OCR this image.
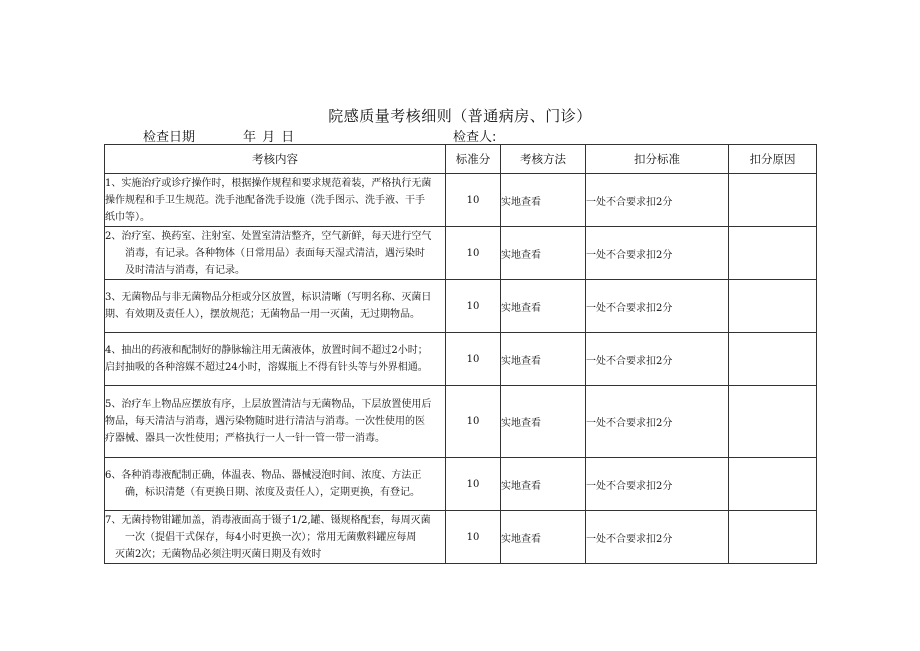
院感质量考核细则（普通病房、门诊）
检查日期	年 月 日	检查人:
考核内容	标准分	考核方法	扣分标准	扣分原因

1、实施治疗或诊疗操作时，根据操作规程和要求规范着装，严格执行无菌
操作规程和手卫生规范。洗手池配备洗手设施（洗手图示、洗手液、干手
纸巾等）。	10	实地查看	一处不合要求扣2分	

2、治疗室、换药室、注射室、处置室清洁整齐，空气新鲜，每天进行空气
消毒，有记录。各种物体（日常用品）表面每天湿式清洁，遇污染时
及时清洁与消毒，有记录。	10	实地查看	一处不合要求扣2分	

3、无菌物品与非无菌物品分柜或分区放置，标识清晰（写明名称、灭菌日
期、有效期及责任人），摆放规范；无菌物品一用一灭菌，无过期物品。	10	实地查看	一处不合要求扣2分	

4、抽出的药液和配制好的静脉输注用无菌液体，放置时间不超过2小时；
启封抽吸的各种溶媒不超过24小时，溶媒瓶上不得有针头等与外界相通。	10	实地查看	一处不合要求扣2分	

5、治疗车上物品应摆放有序，上层放置清洁与无菌物品，下层放置使用后
物品，每天清洁与消毒，遇污染物随时进行清洁与消毒。一次性使用的医
疗器械、器具一次性使用；严格执行一人一针一管一带一消毒。	10	实地查看	一处不合要求扣2分	

6、各种消毒液配制正确，体温表、物品、器械浸泡时间、浓度、方法正
确，标识清楚（有更换日期、浓度及责任人），定期更换，有登记。	10	实地查看	一处不合要求扣2分	

7、无菌持物钳罐加盖，消毒液面高于镊子1/2,罐、镊规格配套，每周灭菌
一次（提倡干式保存，每4小时更换一次）；常用无菌敷料罐应每周
灭菌2次；无菌物品必须注明灭菌日期及有效时	10	实地查看	一处不合要求扣2分	
